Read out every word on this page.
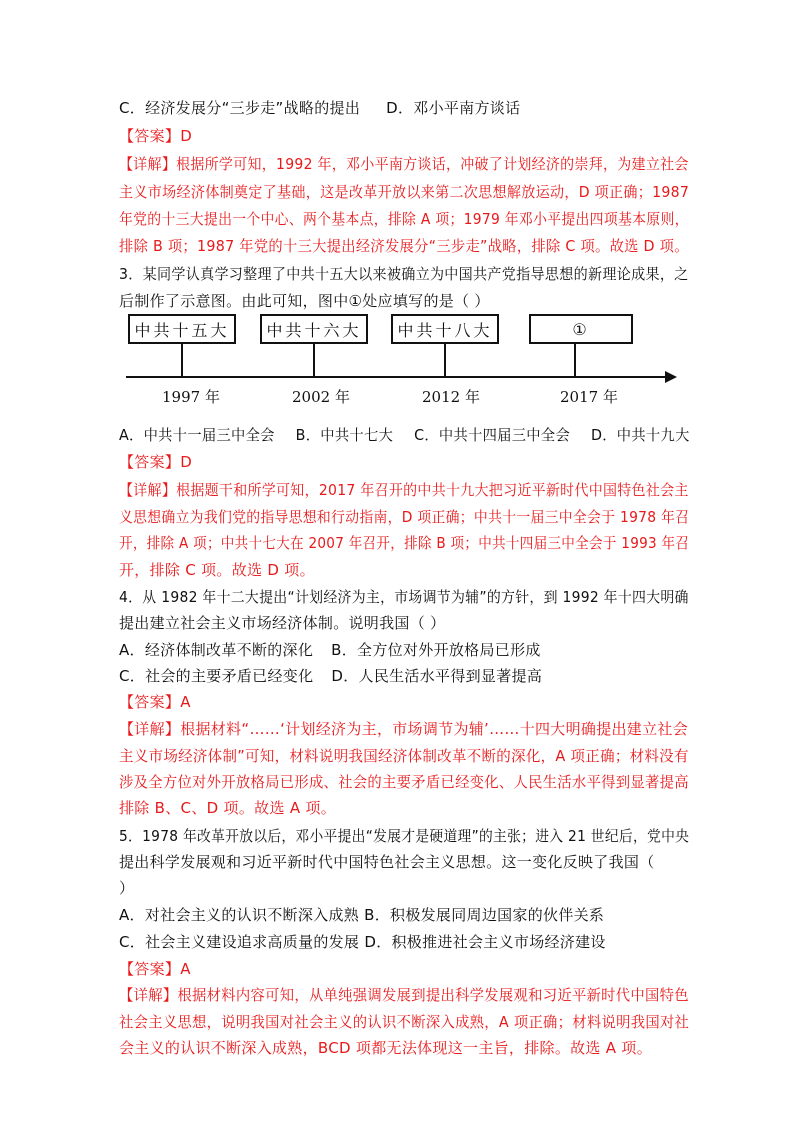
C．经济发展分“三步走”战略的提出 D．邓小平南方谈话
【答案】D
【详解】根据所学可知，1992 年，邓小平南方谈话，冲破了计划经济的崇拜，为建立社会
主义市场经济体制奠定了基础，这是改革开放以来第二次思想解放运动，D 项正确；1987
年党的十三大提出一个中心、两个基本点，排除 A 项；1979 年邓小平提出四项基本原则，
排除 B 项；1987 年党的十三大提出经济发展分“三步走”战略，排除 C 项。故选 D 项。
3．某同学认真学习整理了中共十五大以来被确立为中国共产党指导思想的新理论成果，之
后制作了示意图。由此可知，图中①处应填写的是（ ）
中共十五大	中共十六大	中共十八大	①
1997 年	2002 年	2012 年	2017 年
A．中共十一届三中全会 B．中共十七大 C．中共十四届三中全会 D．中共十九大
【答案】D
【详解】根据题干和所学可知，2017 年召开的中共十九大把习近平新时代中国特色社会主
义思想确立为我们党的指导思想和行动指南，D 项正确；中共十一届三中全会于 1978 年召
开，排除 A 项；中共十七大在 2007 年召开，排除 B 项；中共十四届三中全会于 1993 年召
开，排除 C 项。故选 D 项。
4．从 1982 年十二大提出“计划经济为主，市场调节为辅”的方针，到 1992 年十四大明确
提出建立社会主义市场经济体制。说明我国（ ）
A．经济体制改革不断的深化 B．全方位对外开放格局已形成
C．社会的主要矛盾已经变化 D．人民生活水平得到显著提高
【答案】A
【详解】根据材料“……‘计划经济为主，市场调节为辅’……十四大明确提出建立社会
主义市场经济体制”可知，材料说明我国经济体制改革不断的深化，A 项正确；材料没有
涉及全方位对外开放格局已形成、社会的主要矛盾已经变化、人民生活水平得到显著提高
排除 B、C、D 项。故选 A 项。
5．1978 年改革开放以后，邓小平提出“发展才是硬道理”的主张；进入 21 世纪后，党中央
提出科学发展观和习近平新时代中国特色社会主义思想。这一变化反映了我国（
）
A．对社会主义的认识不断深入成熟 B．积极发展同周边国家的伙伴关系
C．社会主义建设追求高质量的发展 D．积极推进社会主义市场经济建设
【答案】A
【详解】根据材料内容可知，从单纯强调发展到提出科学发展观和习近平新时代中国特色
社会主义思想，说明我国对社会主义的认识不断深入成熟，A 项正确；材料说明我国对社
会主义的认识不断深入成熟，BCD 项都无法体现这一主旨，排除。故选 A 项。
